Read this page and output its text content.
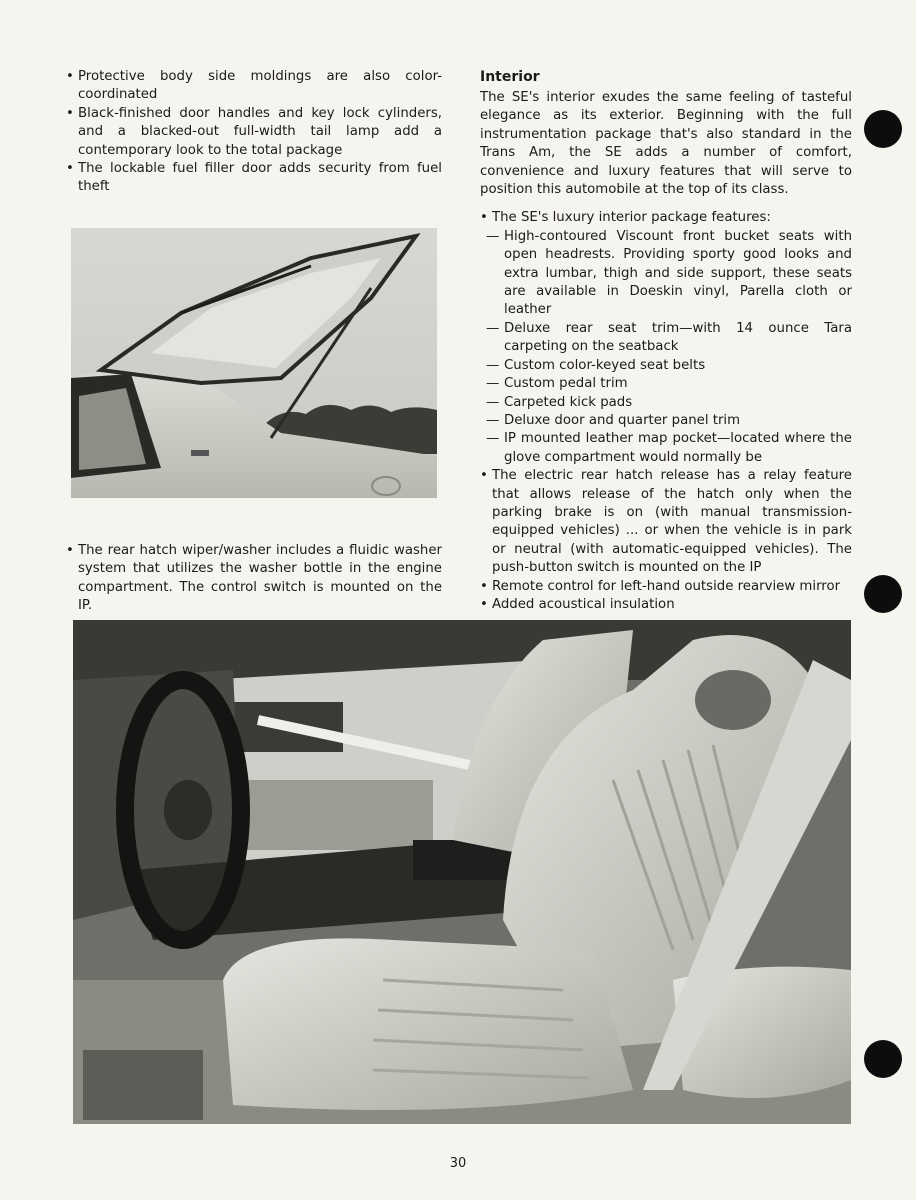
• Protective body side moldings are also color-coordinated
• Black-finished door handles and key lock cylinders, and a blacked-out full-width tail lamp add a contemporary look to the total package
• The lockable fuel filler door adds security from fuel theft
• The rear hatch wiper/washer includes a fluidic washer system that utilizes the washer bottle in the engine compartment. The control switch is mounted on the IP.
Interior
The SE's interior exudes the same feeling of tasteful elegance as its exterior. Beginning with the full instrumentation package that's also standard in the Trans Am, the SE adds a number of comfort, convenience and luxury features that will serve to position this automobile at the top of its class.
• The SE's luxury interior package features:
— High-contoured Viscount front bucket seats with open headrests. Providing sporty good looks and extra lumbar, thigh and side support, these seats are available in Doeskin vinyl, Parella cloth or leather
— Deluxe rear seat trim—with 14 ounce Tara carpeting on the seatback
— Custom color-keyed seat belts
— Custom pedal trim
— Carpeted kick pads
— Deluxe door and quarter panel trim
— IP mounted leather map pocket—located where the glove compartment would normally be
• The electric rear hatch release has a relay feature that allows release of the hatch only when the parking brake is on (with manual transmission-equipped vehicles) ... or when the vehicle is in park or neutral (with automatic-equipped vehicles). The push-button switch is mounted on the IP
• Remote control for left-hand outside rearview mirror
• Added acoustical insulation
30
